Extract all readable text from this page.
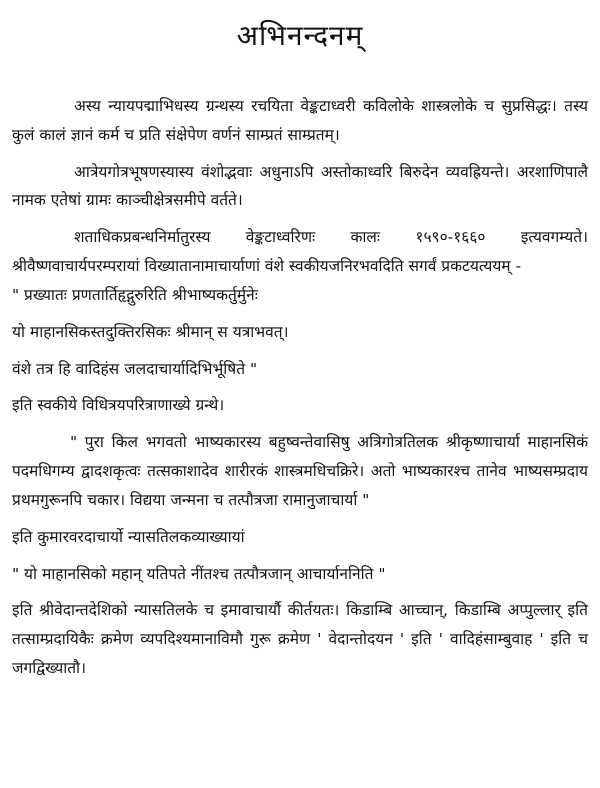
अभिनन्दनम्

अस्य न्यायपद्माभिधस्य ग्रन्थस्य रचयिता वेङ्कटाध्वरी कविलोके शास्त्रलोके च सुप्रसिद्धः। तस्य कुलं कालं ज्ञानं कर्म च प्रति संक्षेपेण वर्णनं साम्प्रतं साम्प्रतम्।

आत्रेयगोत्रभूषणस्यास्य वंशोद्भवाः अधुनाऽपि अस्तोकाध्वरि बिरुदेन व्यवह्रियन्ते। अरशाणिपालै नामक एतेषां ग्रामः काञ्चीक्षेत्रसमीपे वर्तते।

शताधिकप्रबन्धनिर्मातुरस्य वेङ्कटाध्वरिणः कालः १५९०-१६६० इत्यवगम्यते। श्रीवैष्णवाचार्यपरम्परायां विख्यातानामाचार्याणां वंशे स्वकीयजनिरभवदिति सगर्वं प्रकटयत्ययम् -

" प्रख्यातः प्रणतार्तिहृद्गुरुरिति श्रीभाष्यकर्तुर्मुनेः

यो माहानसिकस्तदुक्तिरसिकः श्रीमान् स यत्राभवत्।

वंशे तत्र हि वादिहंस जलदाचार्यादिभिर्भूषिते "

इति स्वकीये विधित्रयपरित्राणाख्ये ग्रन्थे।

" पुरा किल भगवतो भाष्यकारस्य बहुष्वन्तेवासिषु अत्रिगोत्रतिलक श्रीकृष्णाचार्या माहानसिकं पदमधिगम्य द्वादशकृत्वः तत्सकाशादेव शारीरकं शास्त्रमधिचक्रिरे। अतो भाष्यकारश्च तानेव भाष्यसम्प्रदाय प्रथमगुरूनपि चकार। विद्यया जन्मना च तत्पौत्रजा रामानुजाचार्या "

इति कुमारवरदाचार्यो न्यासतिलकव्याख्यायां

" यो माहानसिको महान् यतिपते नींतश्च तत्पौत्रजान् आचार्याननिति "

इति श्रीवेदान्तदेशिको न्यासतिलके च इमावाचार्यौ कीर्तयतः। किडाम्बि आच्चान्, किडाम्बि अप्पुल्लार् इति तत्साम्प्रदायिकैः क्रमेण व्यपदिश्यमानाविमौ गुरू क्रमेण ' वेदान्तोदयन ' इति ' वादिहंसाम्बुवाह ' इति च जगद्विख्यातौ।
